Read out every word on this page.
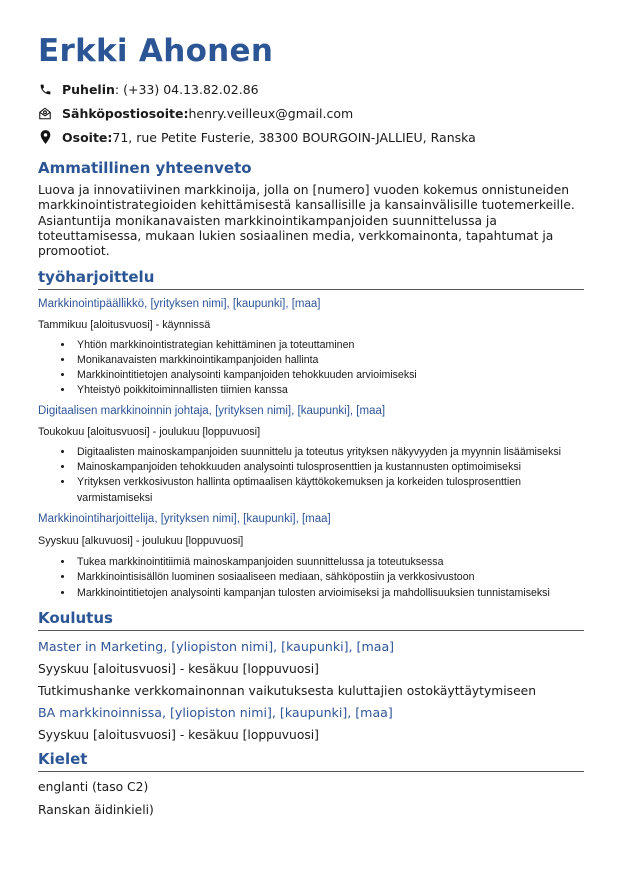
Erkki Ahonen
Puhelin : (+33) 04.13.82.02.86
Sähköpostiosoite: henry.veilleux@gmail.com
Osoite: 71, rue Petite Fusterie, 38300 BOURGOIN-JALLIEU, Ranska
Ammatillinen yhteenveto

Luova ja innovatiivinen markkinoija, jolla on [numero] vuoden kokemus onnistuneiden markkinointistrategioiden kehittämisestä kansallisille ja kansainvälisille tuotemerkeille. Asiantuntija monikanavaisten markkinointikampanjoiden suunnittelussa ja toteuttamisessa, mukaan lukien sosiaalinen media, verkkomainonta, tapahtumat ja promootiot.

työharjoittelu

Markkinointipäällikkö, [yrityksen nimi], [kaupunki], [maa]

Tammikuu [aloitusvuosi] - käynnissä

• Yhtiön markkinointistrategian kehittäminen ja toteuttaminen
• Monikanavaisten markkinointikampanjoiden hallinta
• Markkinointitietojen analysointi kampanjoiden tehokkuuden arvioimiseksi
• Yhteistyö poikkitoiminnallisten tiimien kanssa

Digitaalisen markkinoinnin johtaja, [yrityksen nimi], [kaupunki], [maa]

Toukokuu [aloitusvuosi] - joulukuu [loppuvuosi]

• Digitaalisten mainoskampanjoiden suunnittelu ja toteutus yrityksen näkyvyyden ja myynnin lisäämiseksi
• Mainoskampanjoiden tehokkuuden analysointi tulosprosenttien ja kustannusten optimoimiseksi
• Yrityksen verkkosivuston hallinta optimaalisen käyttökokemuksen ja korkeiden tulosprosenttien varmistamiseksi

Markkinointiharjoittelija, [yrityksen nimi], [kaupunki], [maa]

Syyskuu [alkuvuosi] - joulukuu [loppuvuosi]

• Tukea markkinointitiimiä mainoskampanjoiden suunnittelussa ja toteutuksessa
• Markkinointisisällön luominen sosiaaliseen mediaan, sähköpostiin ja verkkosivustoon
• Markkinointitietojen analysointi kampanjan tulosten arvioimiseksi ja mahdollisuuksien tunnistamiseksi
Koulutus

Master in Marketing, [yliopiston nimi], [kaupunki], [maa]

Syyskuu [aloitusvuosi] - kesäkuu [loppuvuosi]

Tutkimushanke verkkomainonnan vaikutuksesta kuluttajien ostokäyttäytymiseen

BA markkinoinnissa, [yliopiston nimi], [kaupunki], [maa]

Syyskuu [aloitusvuosi] - kesäkuu [loppuvuosi]

Kielet

englanti (taso C2)

Ranskan äidinkieli)
